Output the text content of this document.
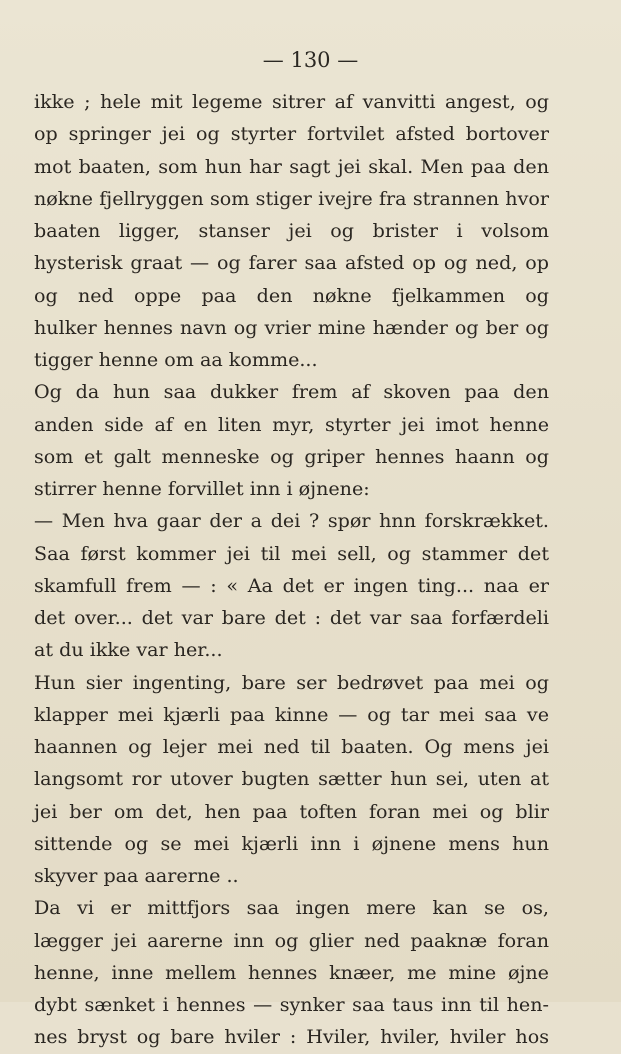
— 130 —
ikke ; hele mit legeme sitrer af vanvitti angest, og
op springer jei og styrter fortvilet afsted bortover
mot baaten, som hun har sagt jei skal. Men paa den
nøkne fjellryggen som stiger ivejre fra strannen hvor
baaten ligger, stanser jei og brister i volsom
hysterisk graat — og farer saa afsted op og ned, op
og ned oppe paa den nøkne fjelkammen og
hulker hennes navn og vrier mine hænder og ber og
tigger henne om aa komme...
Og da hun saa dukker frem af skoven paa den
anden side af en liten myr, styrter jei imot henne
som et galt menneske og griper hennes haann og
stirrer henne forvillet inn i øjnene:
— Men hva gaar der a dei ? spør hnn forskrækket.
Saa først kommer jei til mei sell, og stammer det
skamfull frem — : « Aa det er ingen ting... naa er
det over... det var bare det : det var saa forfærdeli
at du ikke var her...
Hun sier ingenting, bare ser bedrøvet paa mei og
klapper mei kjærli paa kinne — og tar mei saa ve
haannen og lejer mei ned til baaten. Og mens jei
langsomt ror utover bugten sætter hun sei, uten at
jei ber om det, hen paa toften foran mei og blir
sittende og se mei kjærli inn i øjnene mens hun
skyver paa aarerne ..
Da vi er mittfjors saa ingen mere kan se os,
lægger jei aarerne inn og glier ned paaknæ foran
henne, inne mellem hennes knæer, me mine øjne
dybt sænket i hennes — synker saa taus inn til hen-
nes bryst og bare hviler : Hviler, hviler, hviler hos
